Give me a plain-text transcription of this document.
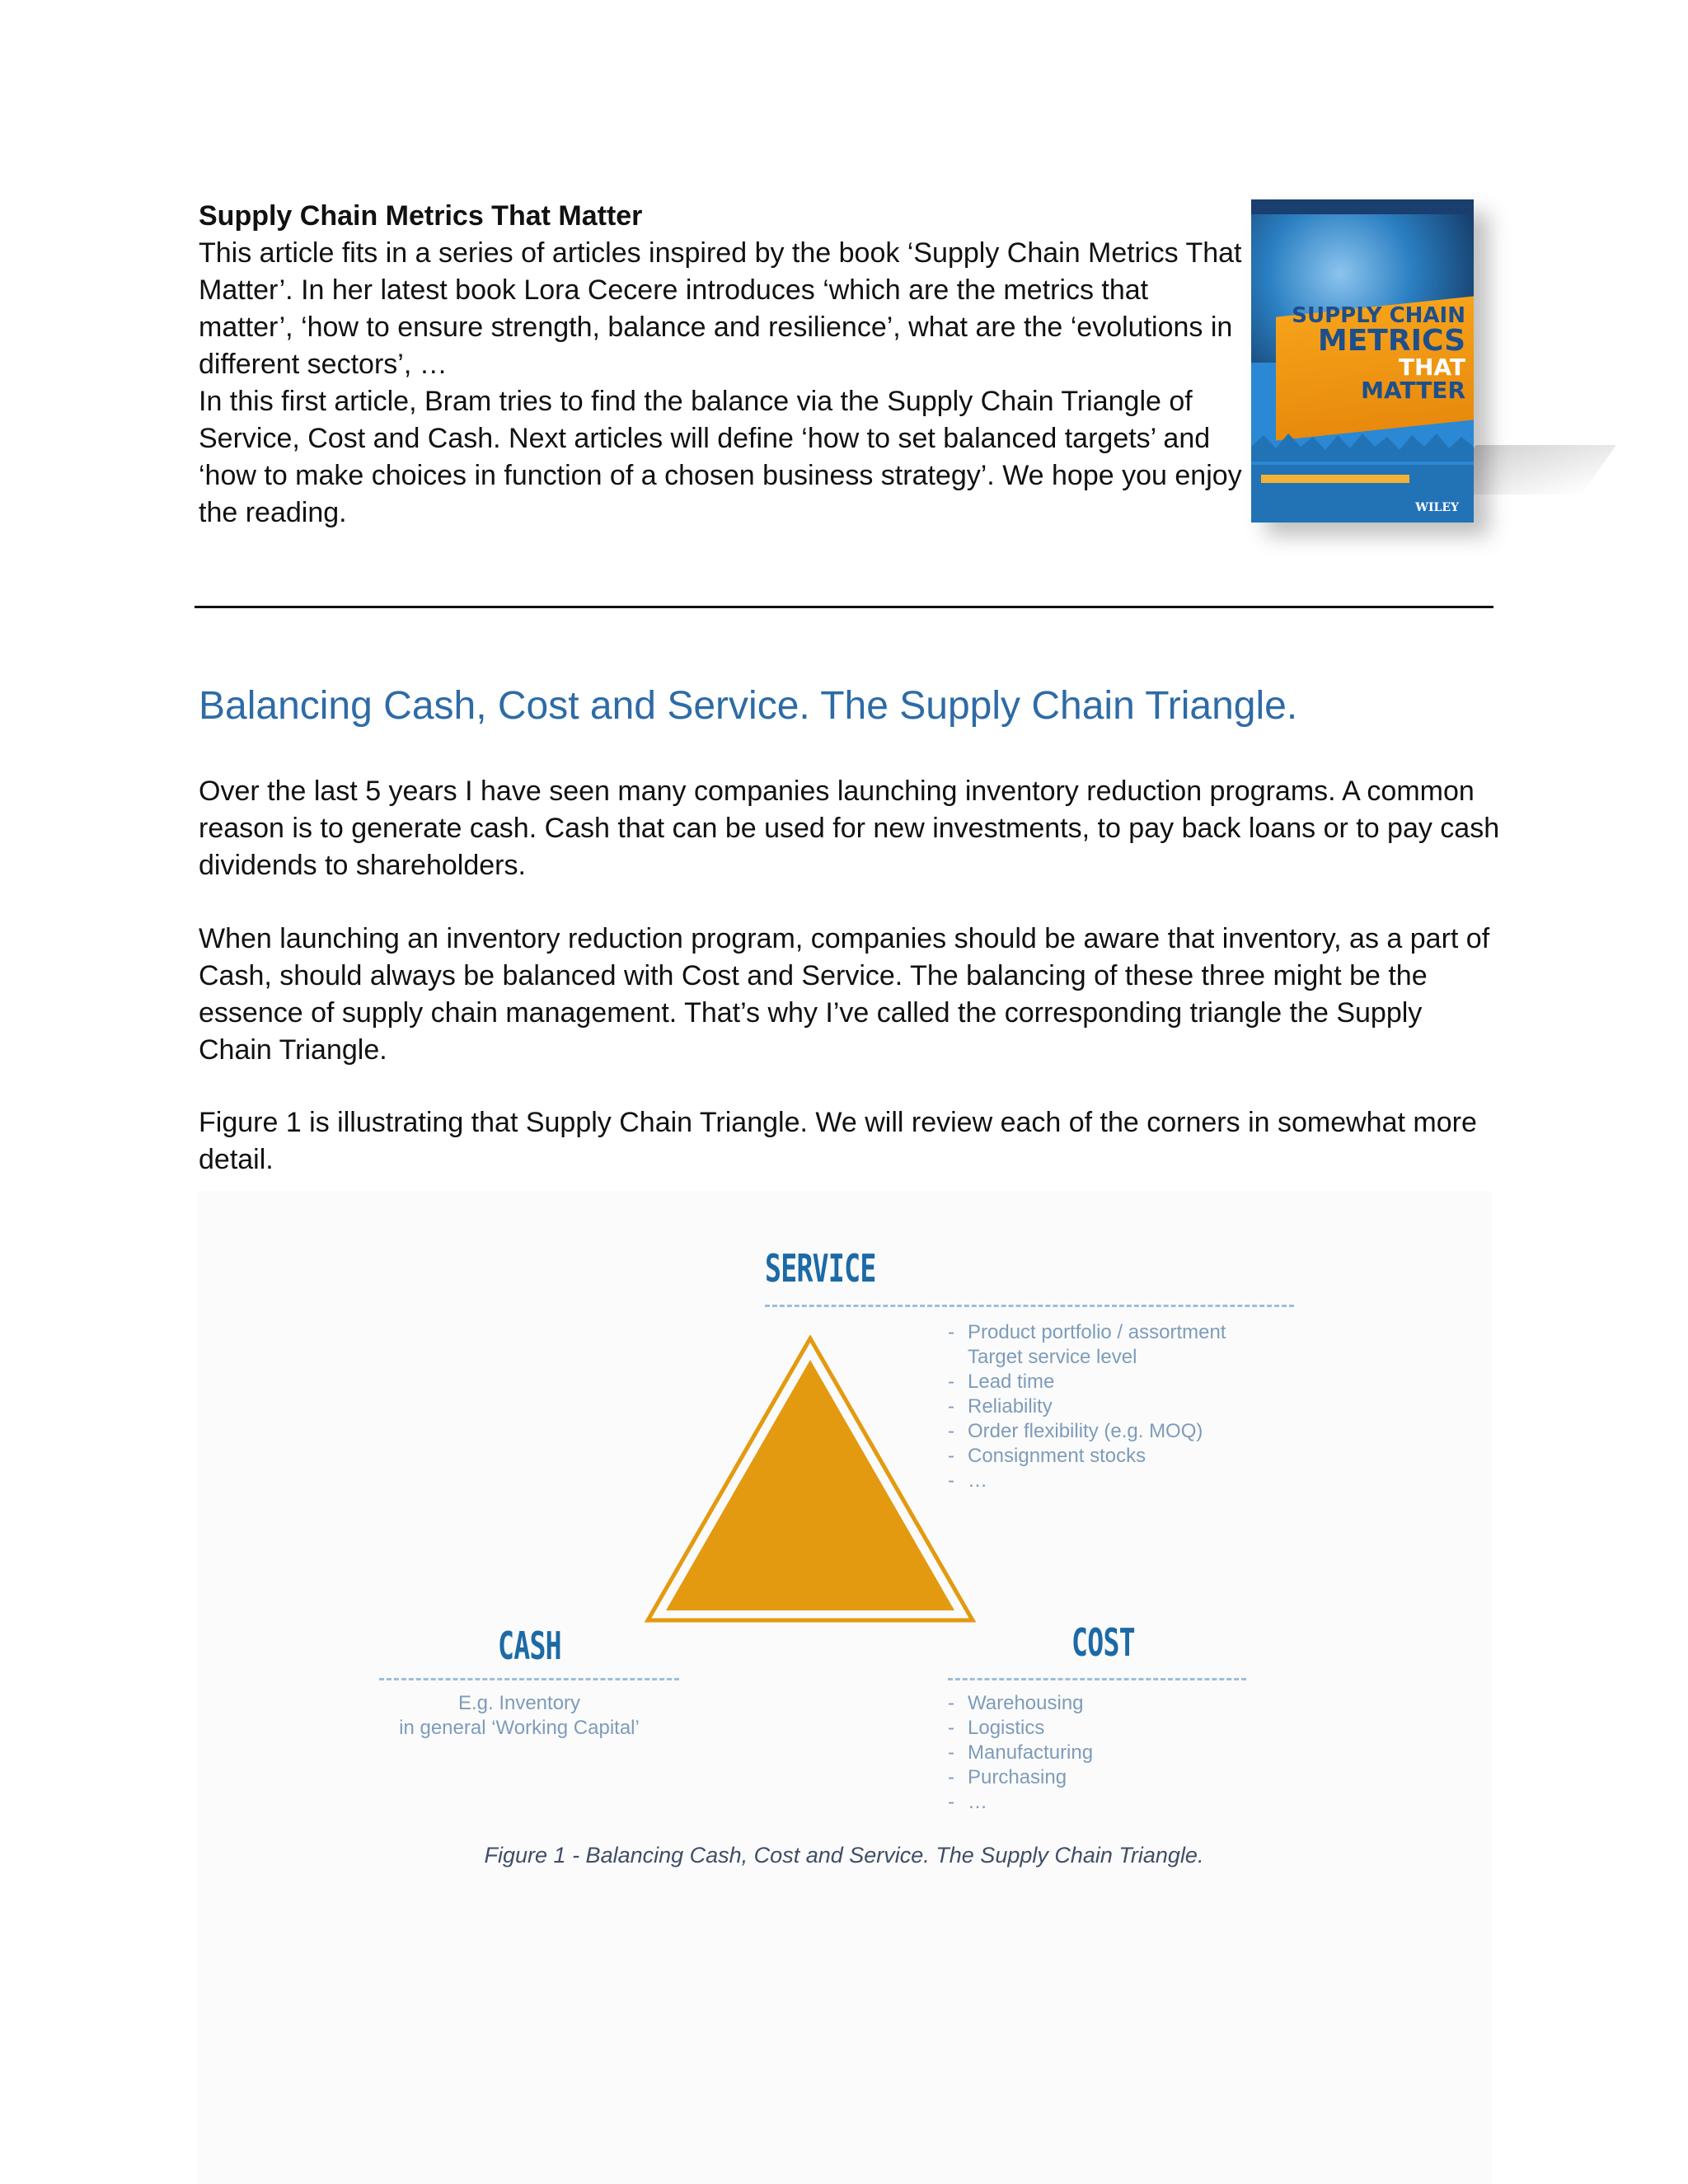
Supply Chain Metrics That Matter

This article fits in a series of articles inspired by the book ‘Supply Chain Metrics That Matter’. In her latest book Lora Cecere introduces ‘which are the metrics that matter’, ‘how to ensure strength, balance and resilience’, what are the ‘evolutions in different sectors’, …

In this first article, Bram tries to find the balance via the Supply Chain Triangle of Service, Cost and Cash. Next articles will define ‘how to set balanced targets’ and ‘how to make choices in function of a chosen business strategy’. We hope you enjoy the reading.

SUPPLY CHAIN
METRICS
THAT
MATTER
WILEY
Balancing Cash, Cost and Service. The Supply Chain Triangle.

Over the last 5 years I have seen many companies launching inventory reduction programs. A common reason is to generate cash. Cash that can be used for new investments, to pay back loans or to pay cash dividends to shareholders.

When launching an inventory reduction program, companies should be aware that inventory, as a part of Cash, should always be balanced with Cost and Service. The balancing of these three might be the essence of supply chain management. That’s why I’ve called the corresponding triangle the Supply Chain Triangle.

Figure 1 is illustrating that Supply Chain Triangle. We will review each of the corners in somewhat more detail.

SERVICE
- Product portfolio / assortment
Target service level
- Lead time
- Reliability
- Order flexibility (e.g. MOQ)
- Consignment stocks
- …
CASH
E.g. Inventory
in general ‘Working Capital’
COST
- Warehousing
- Logistics
- Manufacturing
- Purchasing
- …
Figure 1 - Balancing Cash, Cost and Service. The Supply Chain Triangle.
